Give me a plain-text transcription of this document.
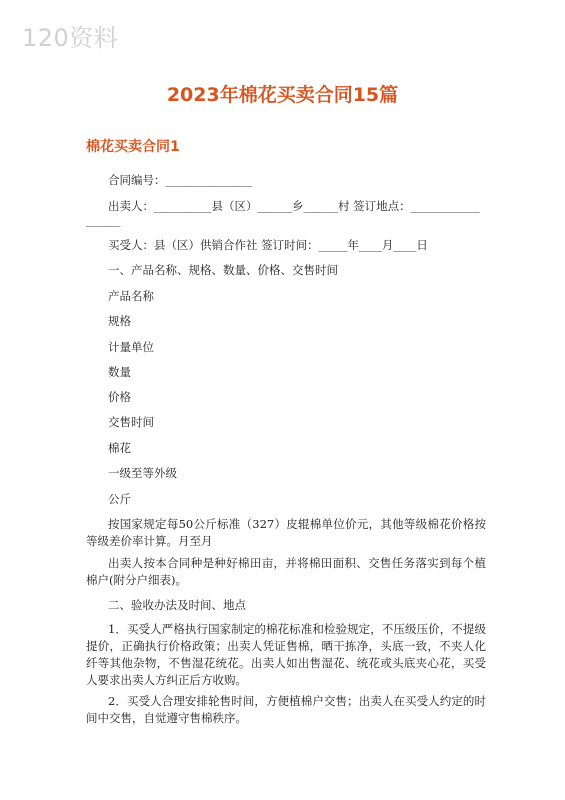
120资料
2023年棉花买卖合同15篇
棉花买卖合同1
合同编号：_______________
出卖人：__________县（区）______乡______村 签订地点：____________
______
买受人：县（区）供销合作社 签订时间：_____年____月____日
一、产品名称、规格、数量、价格、交售时间
产品名称
规格
计量单位
数量
价格
交售时间
棉花
一级至等外级
公斤
按国家规定每50公斤标准（327）皮辊棉单位价元，其他等级棉花价格按等级差价率计算。月至月
出卖人按本合同种是种好棉田亩，并将棉田面积、交售任务落实到每个植棉户(附分户细表)。
二、验收办法及时间、地点
1．买受人严格执行国家制定的棉花标准和检验规定，不压级压价，不提级提价，正确执行价格政策；出卖人凭证售棉，晒干拣净，头底一致，不夹人化纤等其他杂物，不售湿花统花。出卖人如出售湿花、统花或头底夹心花，买受人要求出卖人方纠正后方收购。
2．买受人合理安排轮售时间，方便植棉户交售；出卖人在买受人约定的时间中交售，自觉遵守售棉秩序。
